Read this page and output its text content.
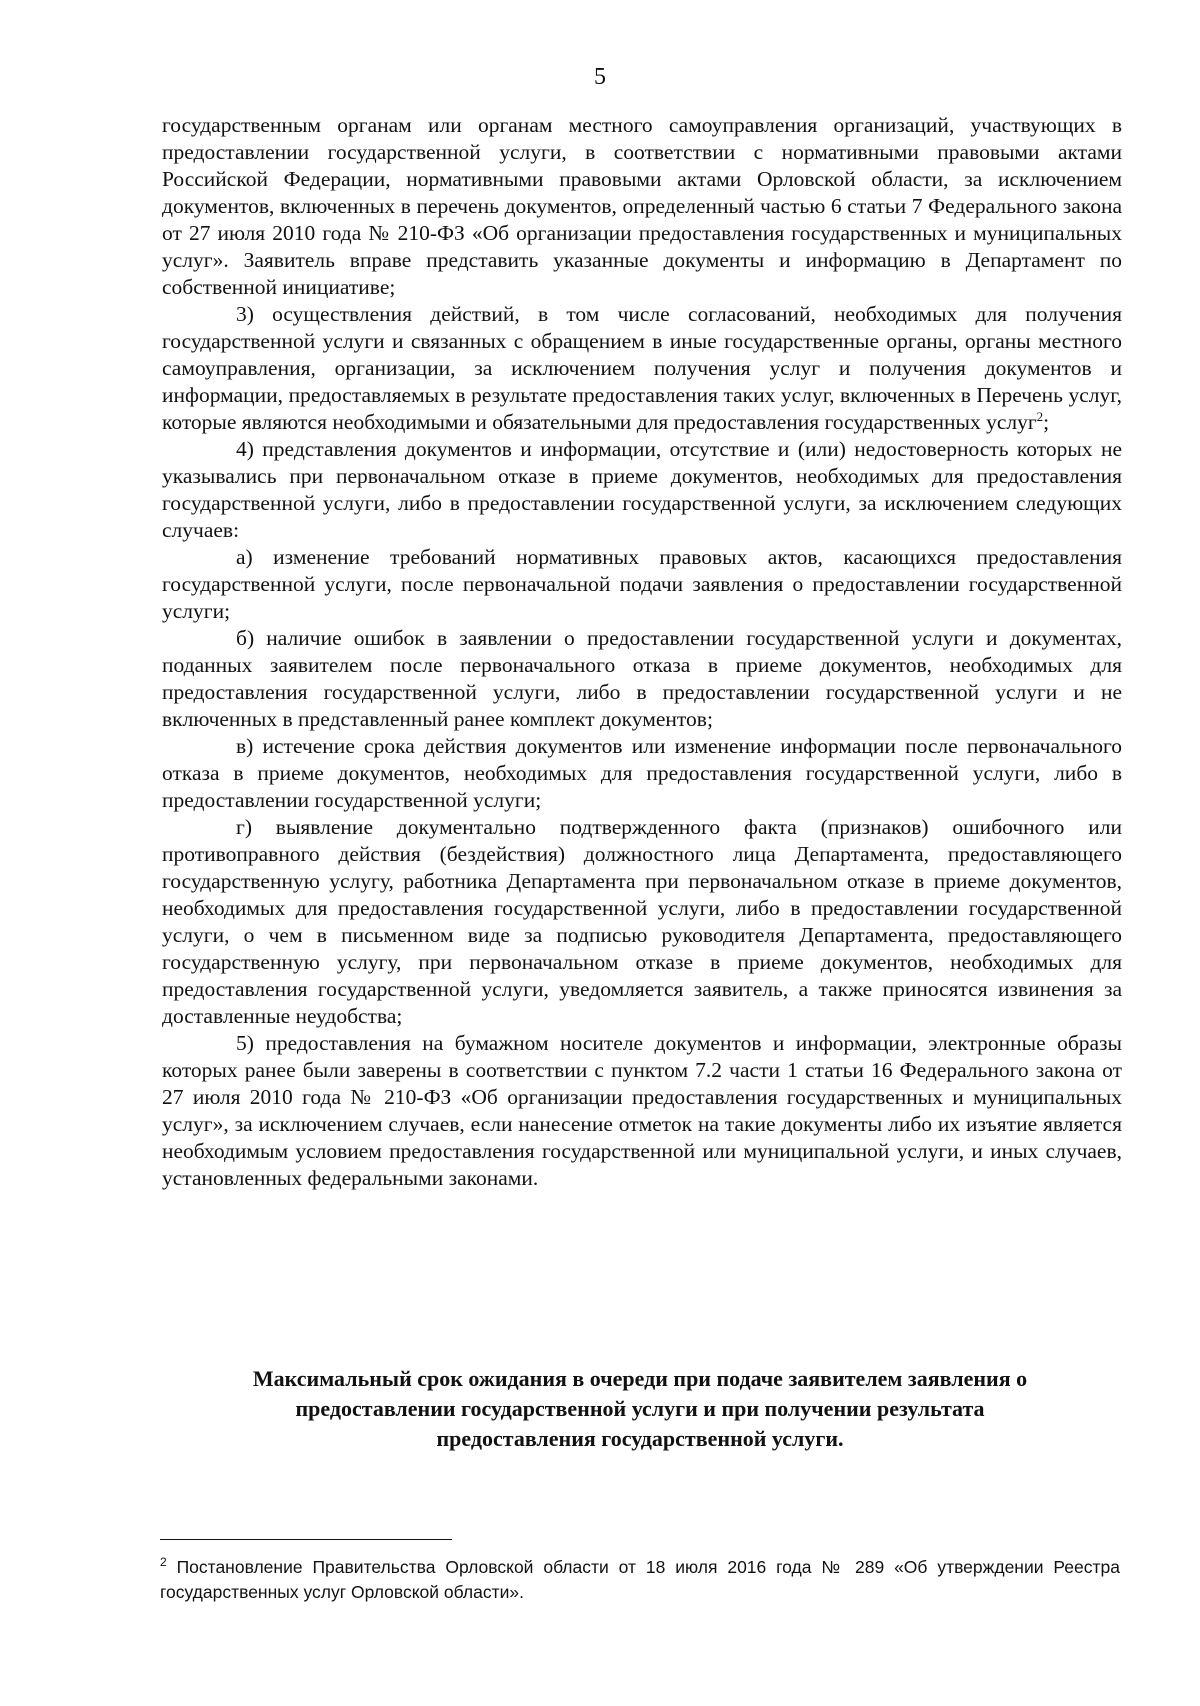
5

государственным органам или органам местного самоуправления организаций, участвующих в предоставлении государственной услуги, в соответствии с нормативными правовыми актами Российской Федерации, нормативными правовыми актами Орловской области, за исключением документов, включенных в перечень документов, определенный частью 6 статьи 7 Федерального закона от 27 июля 2010 года № 210-ФЗ «Об организации предоставления государственных и муниципальных услуг». Заявитель вправе представить указанные документы и информацию в Департамент по собственной инициативе;

3) осуществления действий, в том числе согласований, необходимых для получения государственной услуги и связанных с обращением в иные государственные органы, органы местного самоуправления, организации, за исключением получения услуг и получения документов и информации, предоставляемых в результате предоставления таких услуг, включенных в Перечень услуг, которые являются необходимыми и обязательными для предоставления государственных услуг$^2$;

4) представления документов и информации, отсутствие и (или) недостоверность которых не указывались при первоначальном отказе в приеме документов, необходимых для предоставления государственной услуги, либо в предоставлении государственной услуги, за исключением следующих случаев:

а) изменение требований нормативных правовых актов, касающихся предоставления государственной услуги, после первоначальной подачи заявления о предоставлении государственной услуги;

б) наличие ошибок в заявлении о предоставлении государственной услуги и документах, поданных заявителем после первоначального отказа в приеме документов, необходимых для предоставления государственной услуги, либо в предоставлении государственной услуги и не включенных в представленный ранее комплект документов;

в) истечение срока действия документов или изменение информации после первоначального отказа в приеме документов, необходимых для предоставления государственной услуги, либо в предоставлении государственной услуги;

г) выявление документально подтвержденного факта (признаков) ошибочного или противоправного действия (бездействия) должностного лица Департамента, предоставляющего государственную услугу, работника Департамента при первоначальном отказе в приеме документов, необходимых для предоставления государственной услуги, либо в предоставлении государственной услуги, о чем в письменном виде за подписью руководителя Департамента, предоставляющего государственную услугу, при первоначальном отказе в приеме документов, необходимых для предоставления государственной услуги, уведомляется заявитель, а также приносятся извинения за доставленные неудобства;

5) предоставления на бумажном носителе документов и информации, электронные образы которых ранее были заверены в соответствии с пунктом 7.2 части 1 статьи 16 Федерального закона от 27 июля 2010 года № 210-ФЗ «Об организации предоставления государственных и муниципальных услуг», за исключением случаев, если нанесение отметок на такие документы либо их изъятие является необходимым условием предоставления государственной или муниципальной услуги, и иных случаев, установленных федеральными законами.

Максимальный срок ожидания в очереди при подаче заявителем заявления о
предоставлении государственной услуги и при получении результата
предоставления государственной услуги.
$^2$ Постановление Правительства Орловской области от 18 июля 2016 года № 289 «Об утверждении Реестра государственных услуг Орловской области».
